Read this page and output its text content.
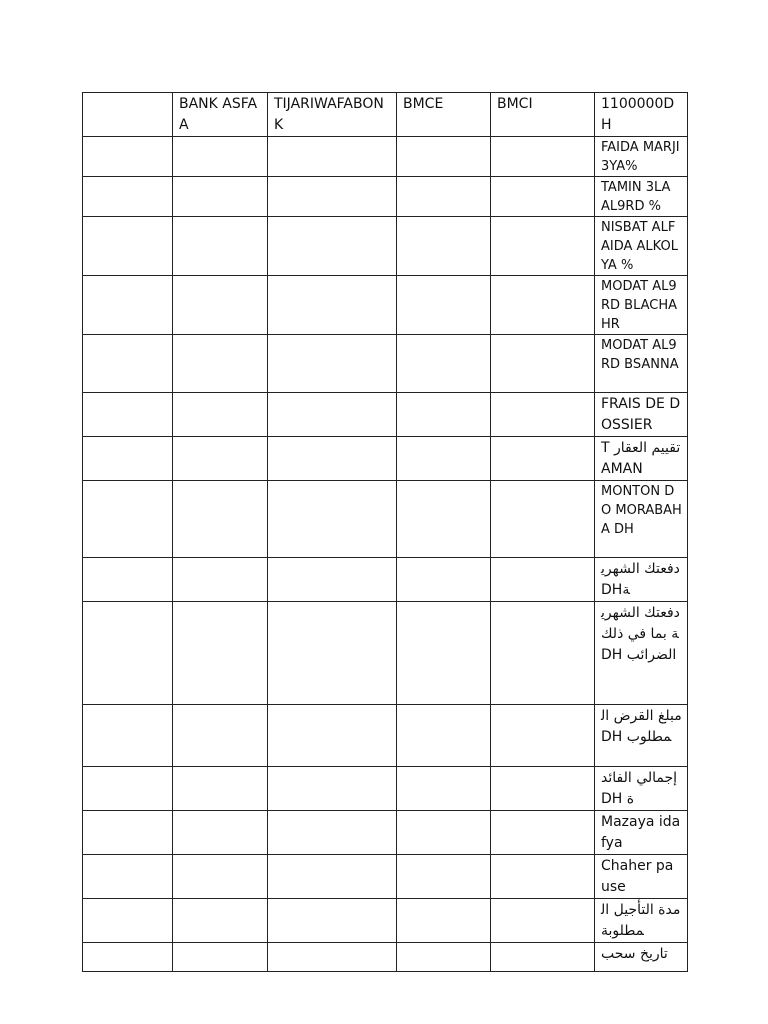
	BANK ASFAA	TIJARIWAFABONK	BMCE	BMCI	1100000DH

					FAIDA MARJI3YA%

					TAMIN 3LA AL9RD %

					NISBAT ALFAIDA ALKOLYA %

					MODAT AL9RD BLACHAHR

					MODAT AL9RD BSANNA

					FRAIS DE DOSSIER

					تقييم العقار TAMAN

					MONTON DO MORABAHA DH

					دفعتك الشهريةDH

					دفعتك الشهرية بما في ذلك الضرائب DH

					مبلغ القرض المطلوب DH

					إجمالي الفائدة DH

					Mazaya idafya

					Chaher pause

					مدة التأجيل المطلوبة

					تاريخ سحب
